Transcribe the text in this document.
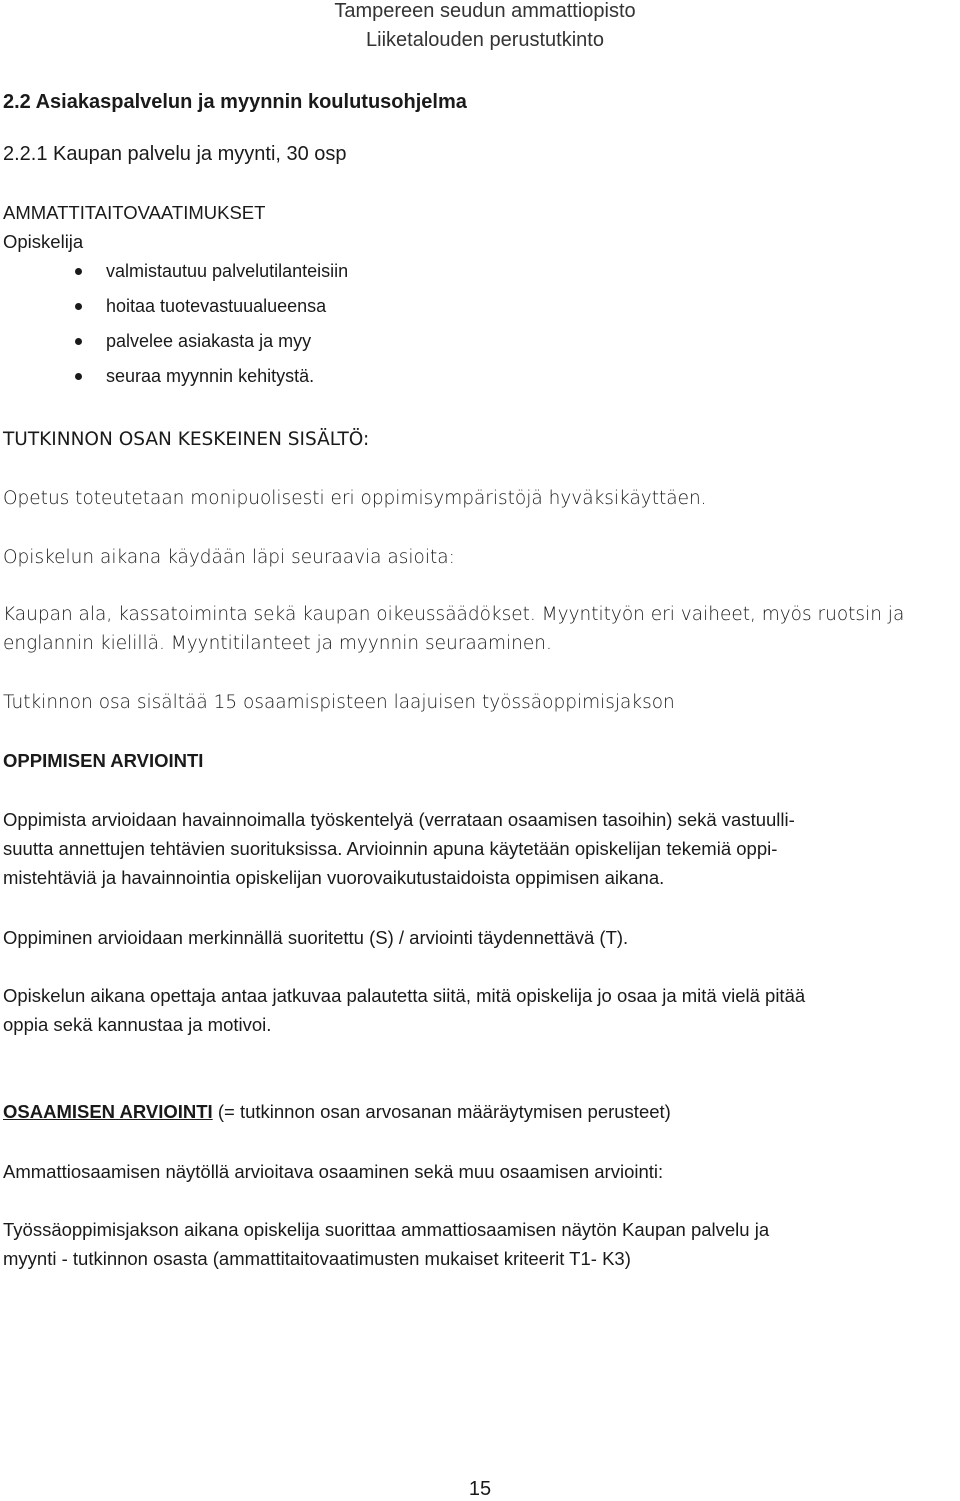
Tampereen seudun ammattiopisto
Liiketalouden perustutkinto
2.2 Asiakaspalvelun ja myynnin koulutusohjelma
2.2.1 Kaupan palvelu ja myynti, 30 osp
AMMATTITAITOVAATIMUKSET
Opiskelija
valmistautuu palvelutilanteisiin
hoitaa tuotevastuualueensa
palvelee asiakasta ja myy
seuraa myynnin kehitystä.
TUTKINNON OSAN KESKEINEN SISÄLTÖ:
Opetus toteutetaan monipuolisesti eri oppimisympäristöjä hyväksikäyttäen.
Opiskelun aikana käydään läpi seuraavia asioita:
Kaupan ala, kassatoiminta sekä kaupan oikeussäädökset. Myyntityön eri vaiheet, myös ruotsin ja
englannin kielillä. Myyntitilanteet ja myynnin seuraaminen.
Tutkinnon osa sisältää 15 osaamispisteen laajuisen työssäoppimisjakson
OPPIMISEN ARVIOINTI
Oppimista arvioidaan havainnoimalla työskentelyä (verrataan osaamisen tasoihin) sekä vastuulli-
suutta annettujen tehtävien suorituksissa. Arvioinnin apuna käytetään opiskelijan tekemiä oppi-
mistehtäviä ja havainnointia opiskelijan vuorovaikutustaidoista oppimisen aikana.
Oppiminen arvioidaan merkinnällä suoritettu (S) / arviointi täydennettävä (T).
Opiskelun aikana opettaja antaa jatkuvaa palautetta siitä, mitä opiskelija jo osaa ja mitä vielä pitää
oppia sekä kannustaa ja motivoi.
OSAAMISEN ARVIOINTI (= tutkinnon osan arvosanan määräytymisen perusteet)
Ammattiosaamisen näytöllä arvioitava osaaminen sekä muu osaamisen arviointi:
Työssäoppimisjakson aikana opiskelija suorittaa ammattiosaamisen näytön Kaupan palvelu ja
myynti - tutkinnon osasta (ammattitaitovaatimusten mukaiset kriteerit T1- K3)
15
